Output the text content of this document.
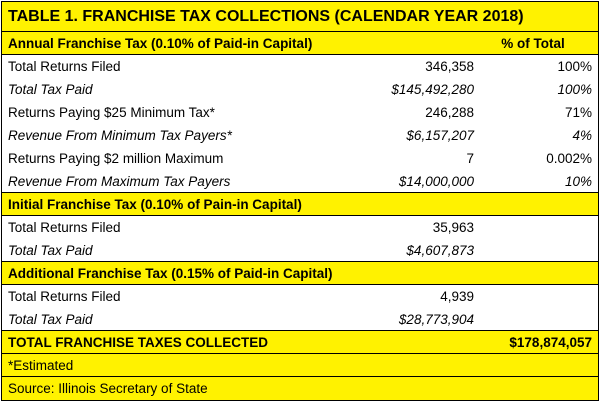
TABLE 1. FRANCHISE TAX COLLECTIONS (CALENDAR YEAR 2018)
Annual Franchise Tax (0.10% of Paid-in Capital)	% of Total
Total Returns Filed	346,358	100%
Total Tax Paid	$145,492,280	100%
Returns Paying $25 Minimum Tax*	246,288	71%
Revenue From Minimum Tax Payers*	$6,157,207	4%
Returns Paying $2 million Maximum	7	0.002%
Revenue From Maximum Tax Payers	$14,000,000	10%
Initial Franchise Tax (0.10% of Pain-in Capital)
Total Returns Filed	35,963
Total Tax Paid	$4,607,873
Additional Franchise Tax (0.15% of Paid-in Capital)
Total Returns Filed	4,939
Total Tax Paid	$28,773,904
TOTAL FRANCHISE TAXES COLLECTED	$178,874,057
*Estimated
Source: Illinois Secretary of State
